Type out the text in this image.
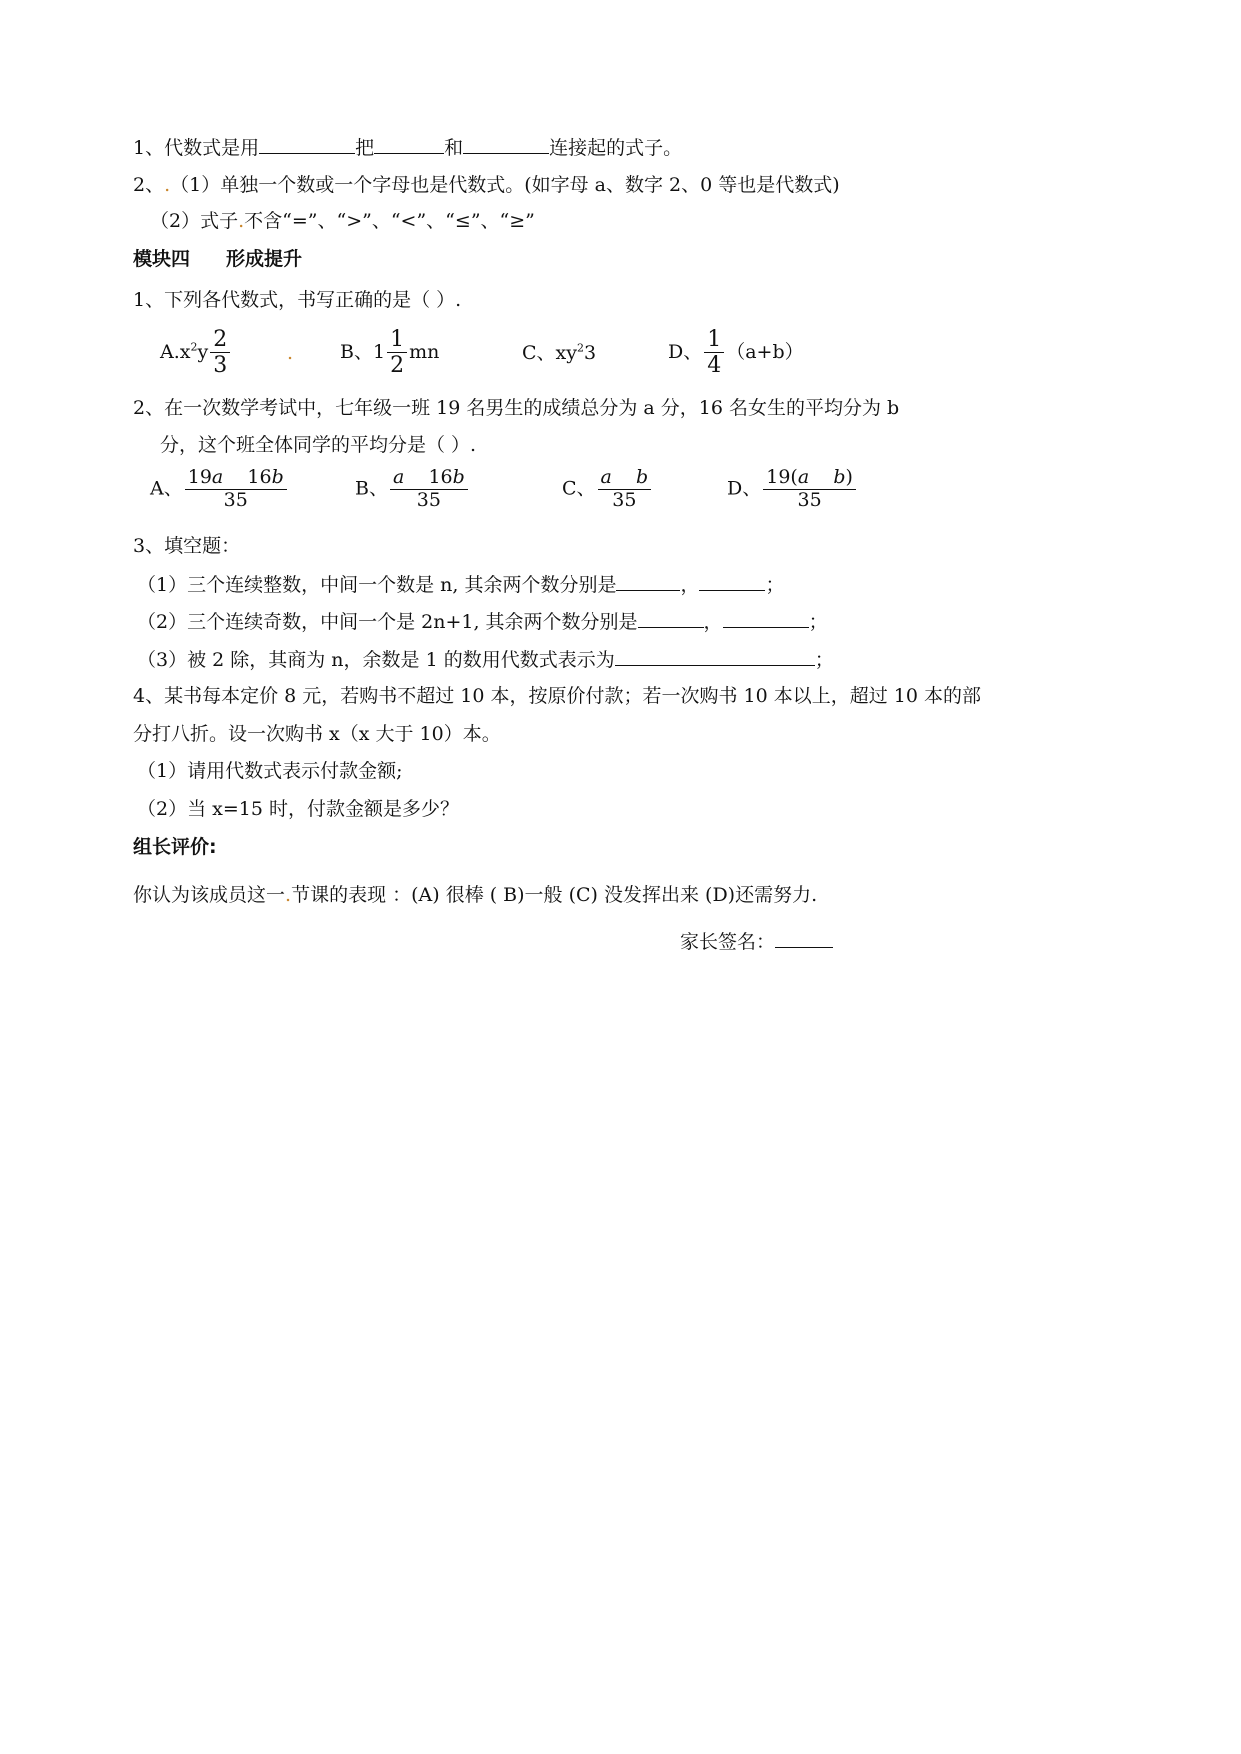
1、代数式是用	把	和	连接起的式子。
2、.（1）单独一个数或一个字母也是代数式。(如字母 a、数字 2、0 等也是代数式)
（2）式子.不含“=”、“>”、“<”、“≤”、“≥”
模块四 形成提升
1、下列各代数式，书写正确的是（ ）.
$A.x^2y \frac{2}{3}$	. B、$1 \frac{1}{2}$ mn	C、$xy^23$	D、 $\frac{1}{4} (a+b)$
2、在一次数学考试中，七年级一班 19 名男生的成绩总分为 a 分，16 名女生的平均分为 b
分，这个班全体同学的平均分是（ ）.
A、 $\frac{19a 16b}{35}$	B、 $\frac{a 16b}{35}$	C、 $\frac{\text{a b}}{35}$	D、 $\frac{\text{19(a b)}}{35}$
3、填空题：
（1）三个连续整数，中间一个数是 n, 其余两个数分别是	，	；
（2）三个连续奇数，中间一个是 2n+1, 其余两个数分别是	，	；
（3）被 2 除，其商为 n，余数是 1 的数用代数式表示为	；
4、某书每本定价 8 元，若购书不超过 10 本，按原价付款；若一次购书 10 本以上，超过 10 本的部
分打八折。设一次购书 x（x 大于 10）本。
（1）请用代数式表示付款金额;
（2）当 x=15 时，付款金额是多少？
组长评价:
你认为该成员这一.节课的表现 ：(A) 很棒 ( B)一般 (C) 没发挥出来 (D)还需努力.
家长签名：
